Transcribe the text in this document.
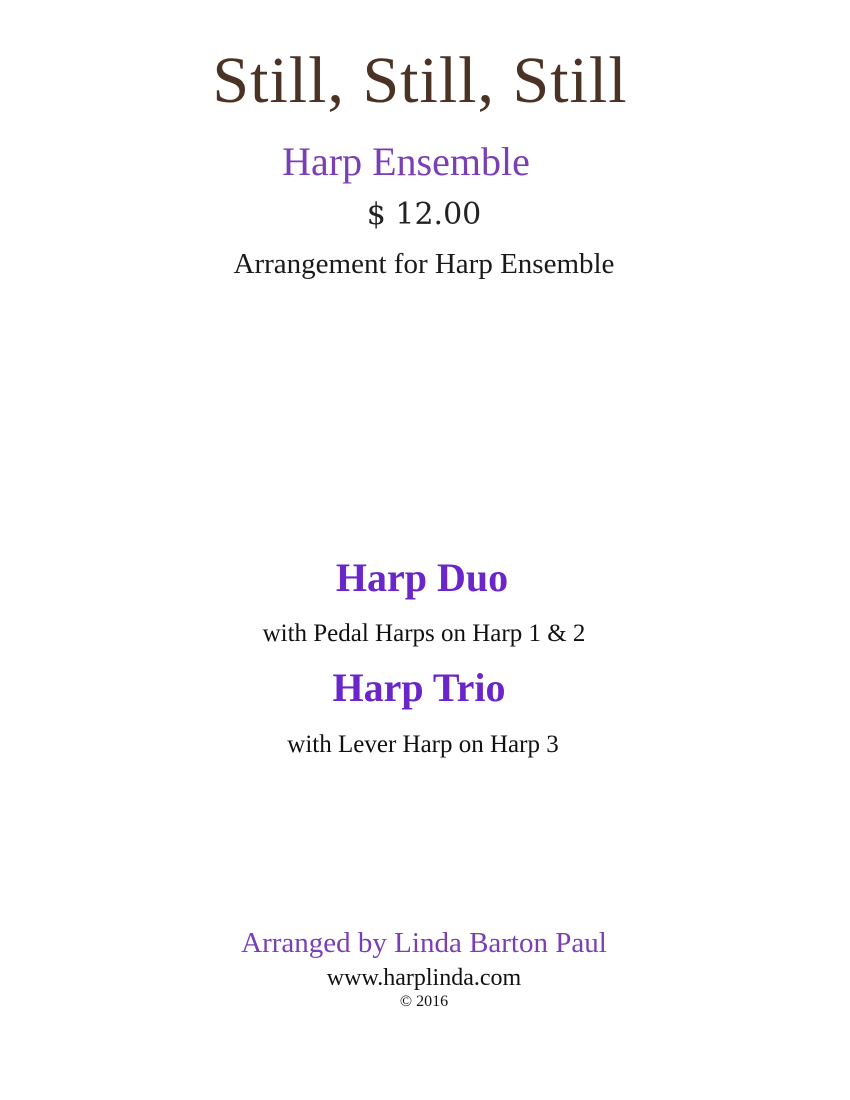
Still, Still, Still
Harp Ensemble
$ 12.00
Arrangement for Harp Ensemble
Harp Duo
with Pedal Harps on Harp 1 & 2
Harp Trio
with Lever Harp on Harp 3
Arranged by Linda Barton Paul
www.harplinda.com
© 2016
